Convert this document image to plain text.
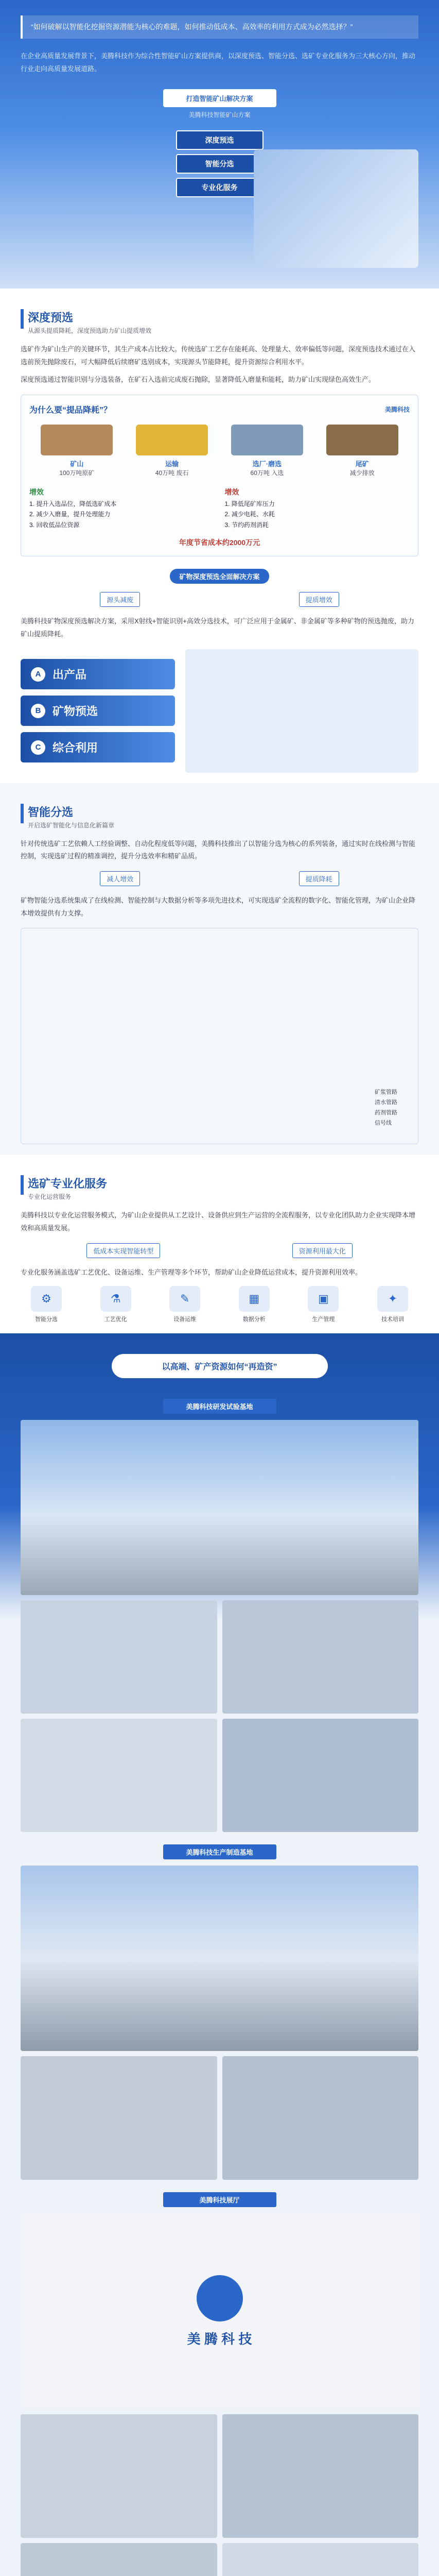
“如何破解以智能化挖掘资源潜能为核心的难题，如何推动低成本、高效率的利用方式成为必然选择？”

在企业高质量发展背景下，美腾科技作为综合性智能矿山方案提供商，以深度预选、智能分选、选矿专业化服务为三大核心方向，推动行业走向高质量发展道路。

打造智能矿山解决方案
美腾科技智能矿山方案
深度预选
智能分选
专业化服务
深度预选
从源头提质降耗，深度预选助力矿山提质增效

选矿作为矿山生产的关键环节，其生产成本占比较大。传统选矿工艺存在能耗高、处理量大、效率偏低等问题，深度预选技术通过在入选前预先抛除废石，可大幅降低后续磨矿选别成本，实现源头节能降耗，提升资源综合利用水平。

深度预选通过智能识别与分选装备，在矿石入选前完成废石抛除，显著降低入磨量和能耗，助力矿山实现绿色高效生产。

为什么要“提品降耗”？	美腾科技
矿山
100万吨原矿
运输
40万吨 废石
选厂·磨选
60万吨 入选
尾矿
减少排放
增效
1. 提升入选品位，降低选矿成本
2. 减少入磨量，提升处理能力
3. 回收低品位资源
增效
1. 降低尾矿库压力
2. 减少电耗、水耗
3. 节约药剂消耗
年度节省成本约2000万元
矿物深度预选全面解决方案
源头减废	提质增效

美腾科技矿物深度预选解决方案，采用X射线+智能识别+高效分选技术，可广泛应用于金属矿、非金属矿等多种矿物的预选抛废，助力矿山提质降耗。

A	出产品
B	矿物预选
C	综合利用
智能分选
开启选矿智能化与信息化新篇章

针对传统选矿工艺依赖人工经验调整、自动化程度低等问题，美腾科技推出了以智能分选为核心的系列装备，通过实时在线检测与智能控制，实现选矿过程的精准调控，提升分选效率和精矿品质。

减人增效	提质降耗

矿物智能分选系统集成了在线检测、智能控制与大数据分析等多项先进技术，可实现选矿全流程的数字化、智能化管理，为矿山企业降本增效提供有力支撑。

矿浆管路
清水管路
药剂管路
信号线
选矿专业化服务
专业化运营服务

美腾科技以专业化运营服务模式，为矿山企业提供从工艺设计、设备供应到生产运营的全流程服务，以专业化团队助力企业实现降本增效和高质量发展。

低成本实现智能转型	资源利用最大化

专业化服务涵盖选矿工艺优化、设备运维、生产管理等多个环节，帮助矿山企业降低运营成本，提升资源利用效率。

⚙
智能分选
⚗
工艺优化
✎
设备运维
▦
数据分析
▣
生产管理
✦
技术培训
以高端、矿产资源如何“再造资”
美腾科技研发试验基地
美腾科技生产制造基地
美腾科技展厅
美 腾 科 技
